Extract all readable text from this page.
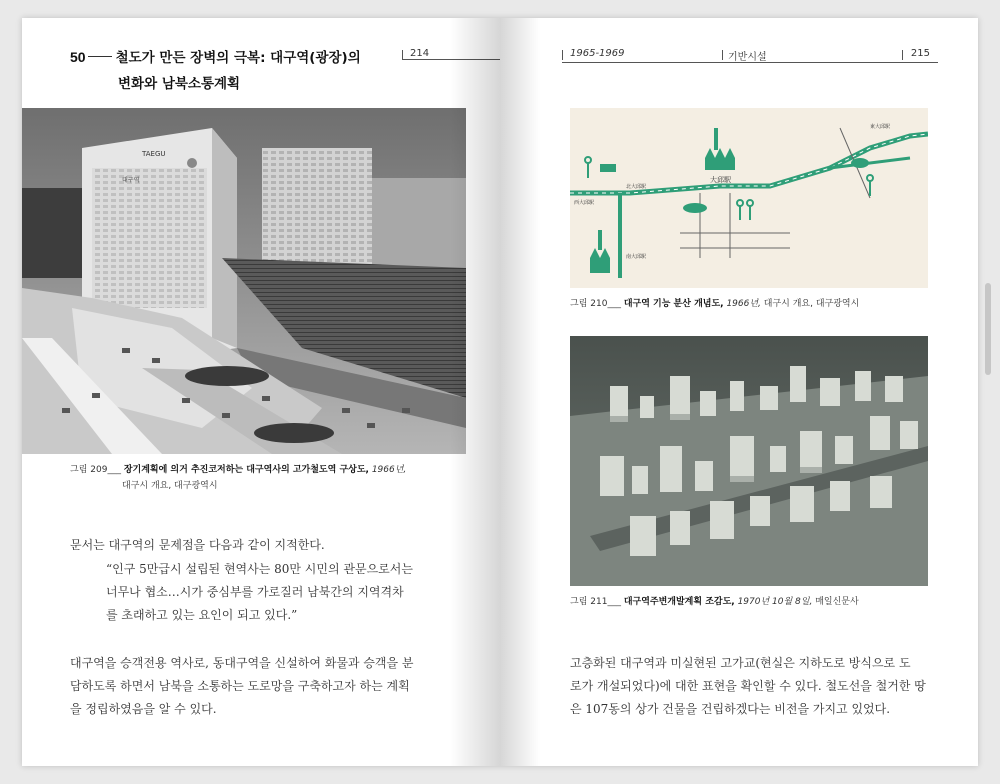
50 철도가 만든 장벽의 극복: 대구역(광장)의
변화와 남북소통계획
214
TAEGU
대구역
그림 209___ 장기계획에 의거 추진코저하는 대구역사의 고가철도역 구상도, 1966년,
대구시 개요, 대구광역시
문서는 대구역의 문제점을 다음과 같이 지적한다.
“인구 5만급시 설립된 현역사는 80만 시민의 관문으로서는
너무나 협소…시가 중심부를 가로질러 남북간의 지역격차
를 초래하고 있는 요인이 되고 있다.”
대구역을 승객전용 역사로, 동대구역을 신설하여 화물과 승객을 분
담하도록 하면서 남북을 소통하는 도로망을 구축하고자 하는 계획
을 정립하였음을 알 수 있다.
1965-1969	기반시설	215
大邱駅
東大邱駅
北大邱駅
西大邱駅
南大邱駅
그림 210___ 대구역 기능 분산 개념도, 1966년, 대구시 개요, 대구광역시
그림 211___ 대구역주변개발계획 조감도, 1970년 10월 8일, 매일신문사
고층화된 대구역과 미실현된 고가교(현실은 지하도로 방식으로 도
로가 개설되었다)에 대한 표현을 확인할 수 있다. 철도선을 철거한 땅
은 107동의 상가 건물을 건립하겠다는 비전을 가지고 있었다.
